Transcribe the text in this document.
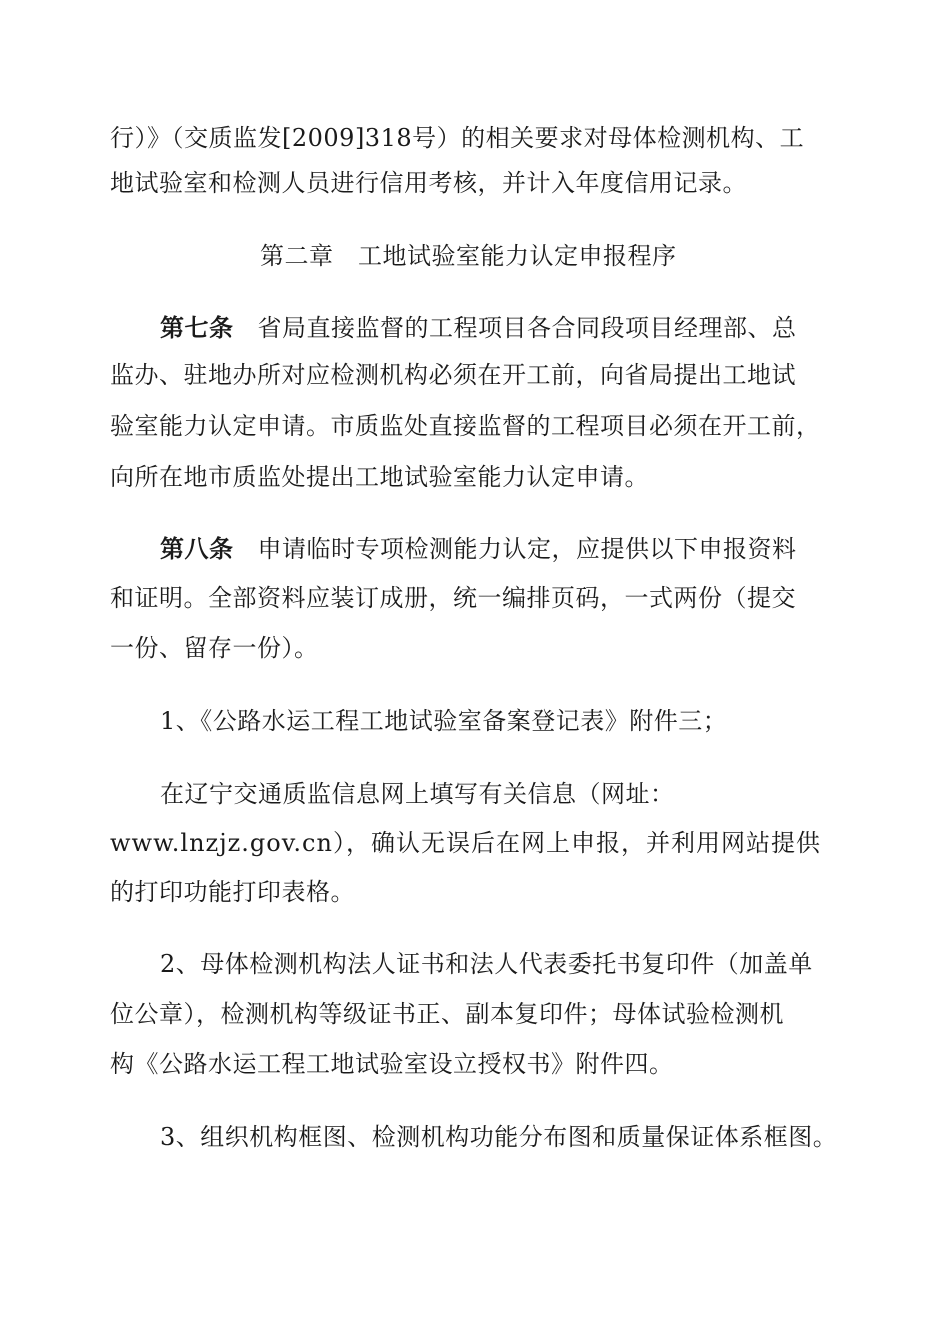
行）》（交质监发[2009]318号）的相关要求对母体检测机构、工
地试验室和检测人员进行信用考核，并计入年度信用记录。
第二章　工地试验室能力认定申报程序
第七条 省局直接监督的工程项目各合同段项目经理部、总
监办、驻地办所对应检测机构必须在开工前，向省局提出工地试
验室能力认定申请。市质监处直接监督的工程项目必须在开工前，
向所在地市质监处提出工地试验室能力认定申请。
第八条 申请临时专项检测能力认定，应提供以下申报资料
和证明。全部资料应装订成册，统一编排页码，一式两份（提交
一份、留存一份）。
1、《公路水运工程工地试验室备案登记表》附件三；
在辽宁交通质监信息网上填写有关信息（网址：
www.lnzjz.gov.cn），确认无误后在网上申报，并利用网站提供
的打印功能打印表格。
2、母体检测机构法人证书和法人代表委托书复印件（加盖单
位公章），检测机构等级证书正、副本复印件；母体试验检测机
构《公路水运工程工地试验室设立授权书》附件四。
3、组织机构框图、检测机构功能分布图和质量保证体系框图。
